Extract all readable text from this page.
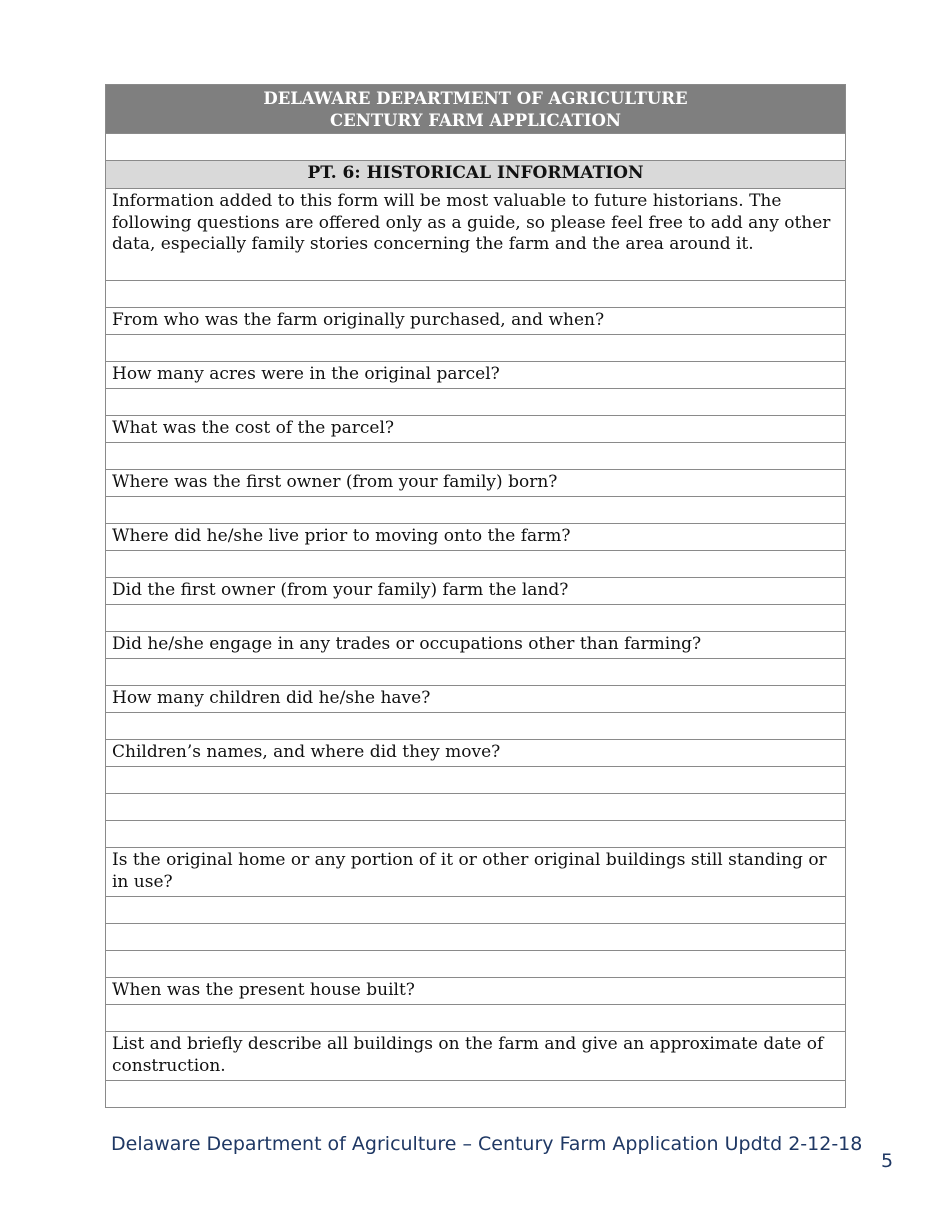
DELAWARE DEPARTMENT OF AGRICULTURE
CENTURY FARM APPLICATION

PT. 6: HISTORICAL INFORMATION
Information added to this form will be most valuable to future historians. The following questions are offered only as a guide, so please feel free to add any other data, especially family stories concerning the farm and the area around it.

From who was the farm originally purchased, and when?

How many acres were in the original parcel?

What was the cost of the parcel?

Where was the first owner (from your family) born?

Where did he/she live prior to moving onto the farm?

Did the first owner (from your family) farm the land?

Did he/she engage in any trades or occupations other than farming?

How many children did he/she have?

Children’s names, and where did they move?

Is the original home or any portion of it or other original buildings still standing or in use?

When was the present house built?

List and briefly describe all buildings on the farm and give an approximate date of construction.

Delaware Department of Agriculture – Century Farm Application Updtd 2-12-18
5
